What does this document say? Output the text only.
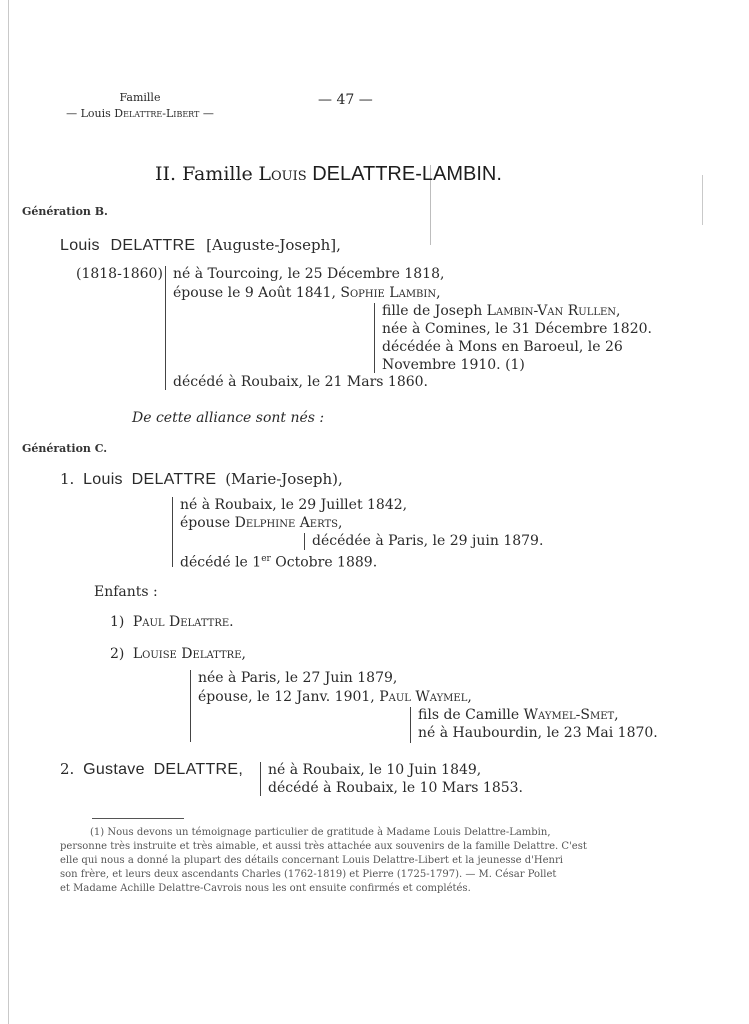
Famille
— Louis Delattre-Libert —
— 47 —
II. Famille Louis DELATTRE-LAMBIN.
Génération B.
Louis DELATTRE [Auguste-Joseph],
(1818-1860) né à Tourcoing, le 25 Décembre 1818,
épouse le 9 Août 1841, Sophie Lambin,
fille de Joseph Lambin-Van Rullen,
née à Comines, le 31 Décembre 1820.
décédée à Mons en Baroeul, le 26
Novembre 1910. (1)
décédé à Roubaix, le 21 Mars 1860.
De cette alliance sont nés :
Génération C.
1. Louis DELATTRE (Marie-Joseph),
né à Roubaix, le 29 Juillet 1842,
épouse Delphine Aerts,
décédée à Paris, le 29 juin 1879.
décédé le 1er Octobre 1889.
Enfants :
1) Paul Delattre.
2) Louise Delattre,
née à Paris, le 27 Juin 1879,
épouse, le 12 Janv. 1901, Paul Waymel,
fils de Camille Waymel-Smet,
né à Haubourdin, le 23 Mai 1870.
2. Gustave DELATTRE, né à Roubaix, le 10 Juin 1849,
décédé à Roubaix, le 10 Mars 1853.
(1) Nous devons un témoignage particulier de gratitude à Madame Louis Delattre-Lambin,
personne très instruite et très aimable, et aussi très attachée aux souvenirs de la famille Delattre. C'est
elle qui nous a donné la plupart des détails concernant Louis Delattre-Libert et la jeunesse d'Henri
son frère, et leurs deux ascendants Charles (1762-1819) et Pierre (1725-1797). — M. César Pollet
et Madame Achille Delattre-Cavrois nous les ont ensuite confirmés et complétés.
